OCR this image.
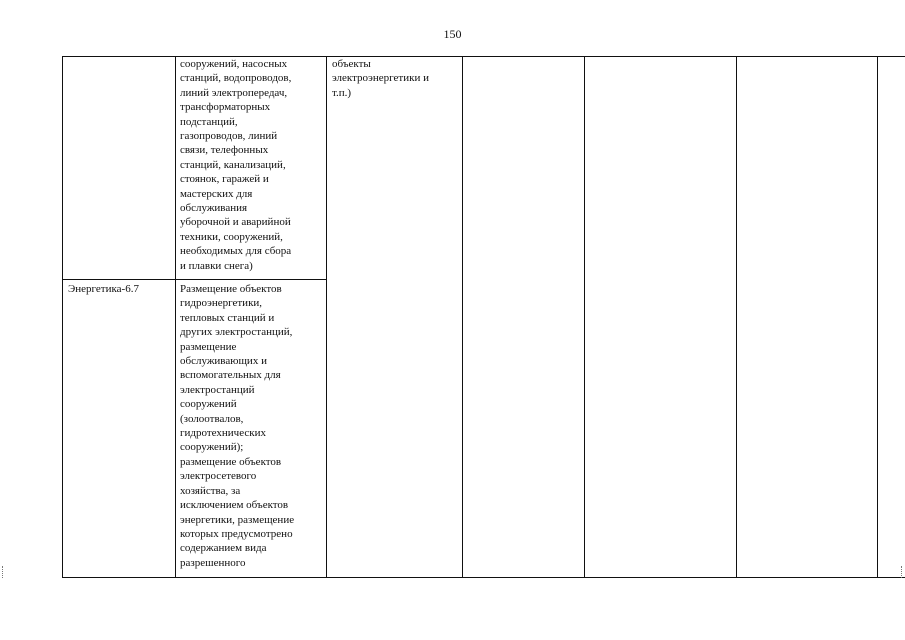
150
сооружений, насосных
станций, водопроводов,
линий электропередач,
трансформаторных
подстанций,
газопроводов, линий
связи, телефонных
станций, канализаций,
стоянок, гаражей и
мастерских для
обслуживания
уборочной и аварийной
техники, сооружений,
необходимых для сбора
и плавки снега)
объекты
электроэнергетики и
т.п.)
Энергетика-6.7	Размещение объектов
гидроэнергетики,
тепловых станций и
других электростанций,
размещение
обслуживающих и
вспомогательных для
электростанций
сооружений
(золоотвалов,
гидротехнических
сооружений);
размещение объектов
электросетевого
хозяйства, за
исключением объектов
энергетики, размещение
которых предусмотрено
содержанием вида
разрешенного
